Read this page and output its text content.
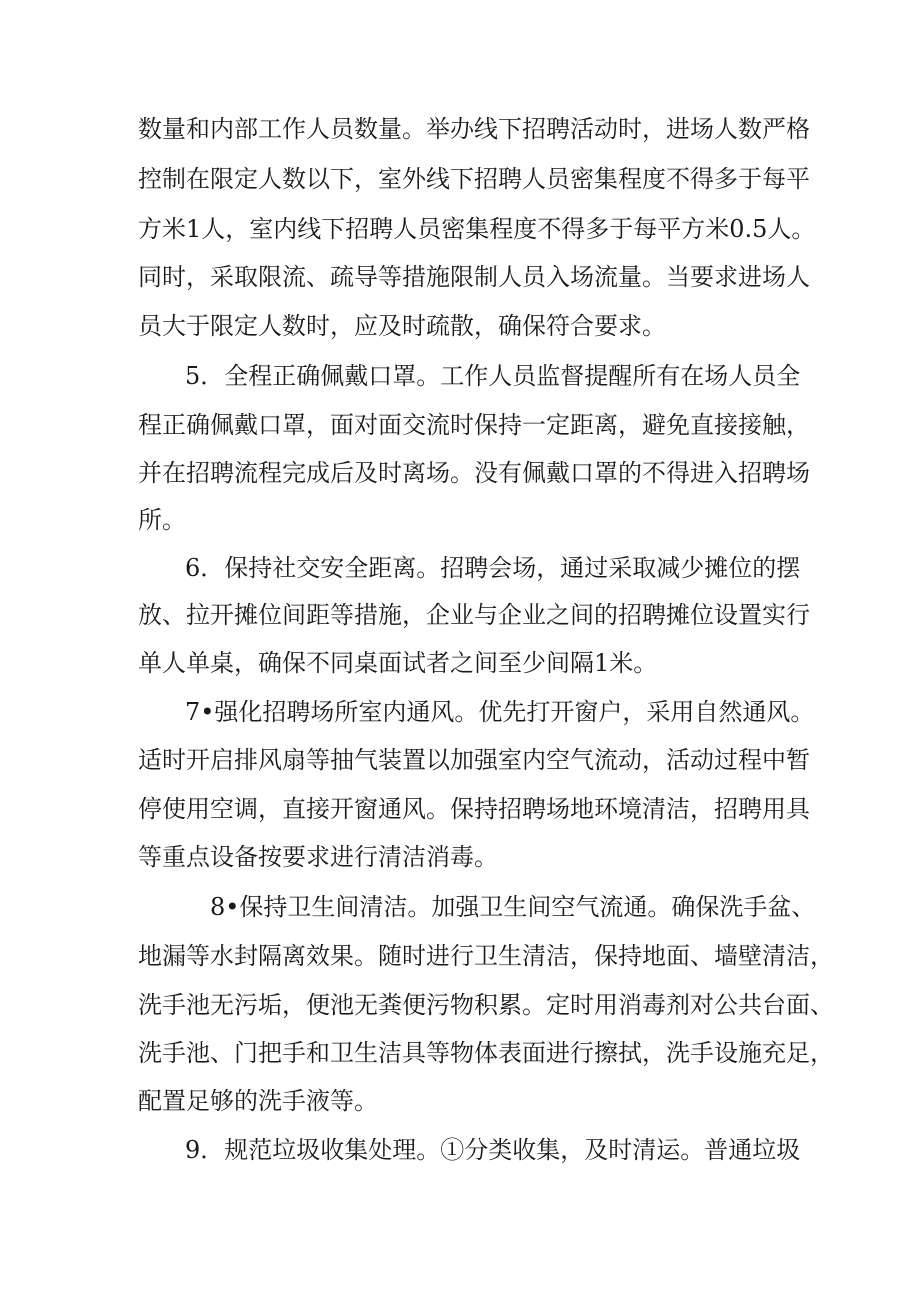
数量和内部工作人员数量。举办线下招聘活动时，进场人数严格
控制在限定人数以下，室外线下招聘人员密集程度不得多于每平
方米1人，室内线下招聘人员密集程度不得多于每平方米0.5人。
同时，采取限流、疏导等措施限制人员入场流量。当要求进场人
员大于限定人数时，应及时疏散，确保符合要求。
5．全程正确佩戴口罩。工作人员监督提醒所有在场人员全
程正确佩戴口罩，面对面交流时保持一定距离，避免直接接触，
并在招聘流程完成后及时离场。没有佩戴口罩的不得进入招聘场
所。
6．保持社交安全距离。招聘会场，通过采取减少摊位的摆
放、拉开摊位间距等措施，企业与企业之间的招聘摊位设置实行
单人单桌，确保不同桌面试者之间至少间隔1米。
7•强化招聘场所室内通风。优先打开窗户，采用自然通风。
适时开启排风扇等抽气装置以加强室内空气流动，活动过程中暂
停使用空调，直接开窗通风。保持招聘场地环境清洁，招聘用具
等重点设备按要求进行清洁消毒。
8•保持卫生间清洁。加强卫生间空气流通。确保洗手盆、
地漏等水封隔离效果。随时进行卫生清洁，保持地面、墙壁清洁，
洗手池无污垢，便池无粪便污物积累。定时用消毒剂对公共台面、
洗手池、门把手和卫生洁具等物体表面进行擦拭，洗手设施充足，
配置足够的洗手液等。
9．规范垃圾收集处理。①分类收集，及时清运。普通垃圾
